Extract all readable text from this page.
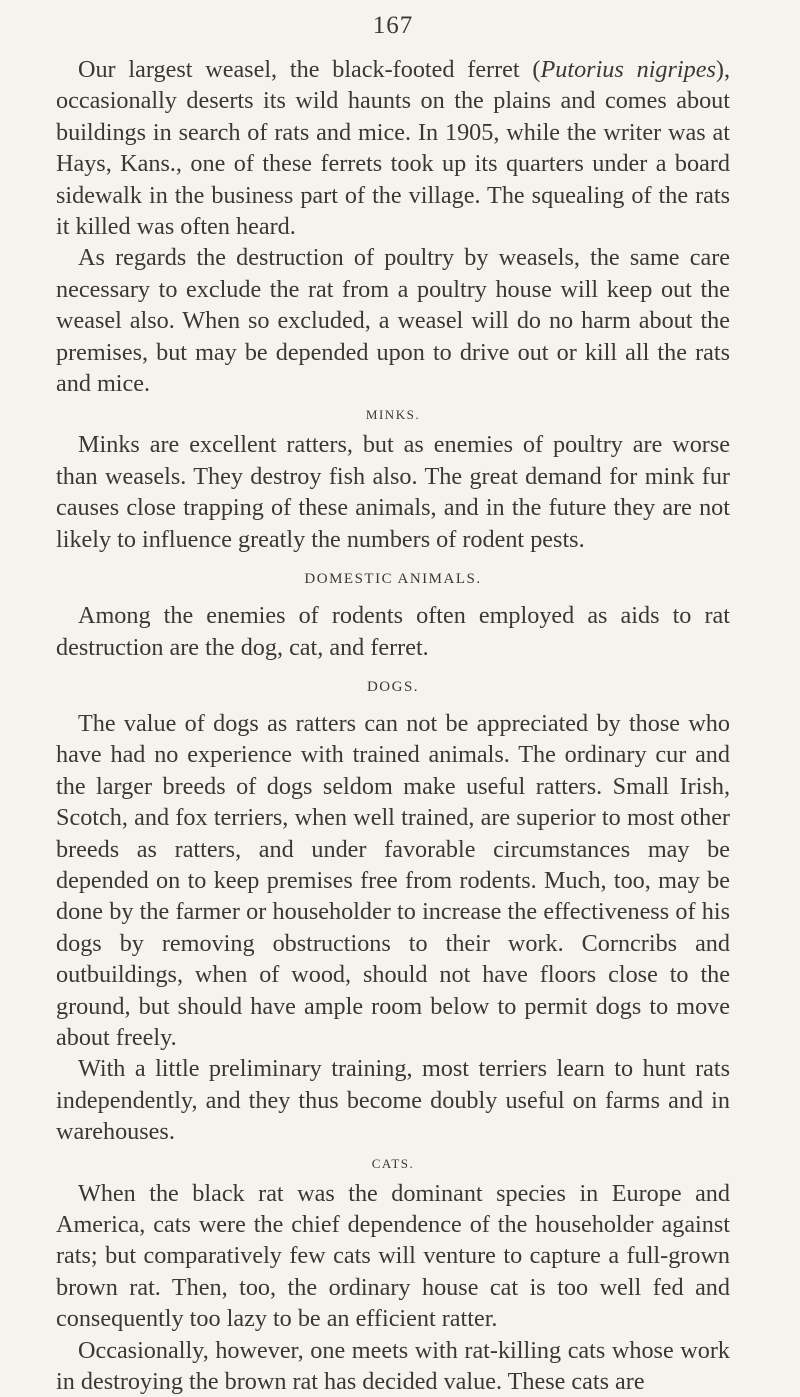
167

Our largest weasel, the black-footed ferret (Putorius nigripes), occasionally deserts its wild haunts on the plains and comes about buildings in search of rats and mice. In 1905, while the writer was at Hays, Kans., one of these ferrets took up its quarters under a board sidewalk in the business part of the village. The squealing of the rats it killed was often heard.

As regards the destruction of poultry by weasels, the same care necessary to exclude the rat from a poultry house will keep out the weasel also. When so excluded, a weasel will do no harm about the premises, but may be depended upon to drive out or kill all the rats and mice.

MINKS.

Minks are excellent ratters, but as enemies of poultry are worse than weasels. They destroy fish also. The great demand for mink fur causes close trapping of these animals, and in the future they are not likely to influence greatly the numbers of rodent pests.

DOMESTIC ANIMALS.

Among the enemies of rodents often employed as aids to rat destruction are the dog, cat, and ferret.

DOGS.

The value of dogs as ratters can not be appreciated by those who have had no experience with trained animals. The ordinary cur and the larger breeds of dogs seldom make useful ratters. Small Irish, Scotch, and fox terriers, when well trained, are superior to most other breeds as ratters, and under favorable circumstances may be depended on to keep premises free from rodents. Much, too, may be done by the farmer or householder to increase the effectiveness of his dogs by removing obstructions to their work. Corncribs and outbuildings, when of wood, should not have floors close to the ground, but should have ample room below to permit dogs to move about freely.

With a little preliminary training, most terriers learn to hunt rats independently, and they thus become doubly useful on farms and in warehouses.

CATS.

When the black rat was the dominant species in Europe and America, cats were the chief dependence of the householder against rats; but comparatively few cats will venture to capture a full-grown brown rat. Then, too, the ordinary house cat is too well fed and consequently too lazy to be an efficient ratter.

Occasionally, however, one meets with rat-killing cats whose work in destroying the brown rat has decided value. These cats are
